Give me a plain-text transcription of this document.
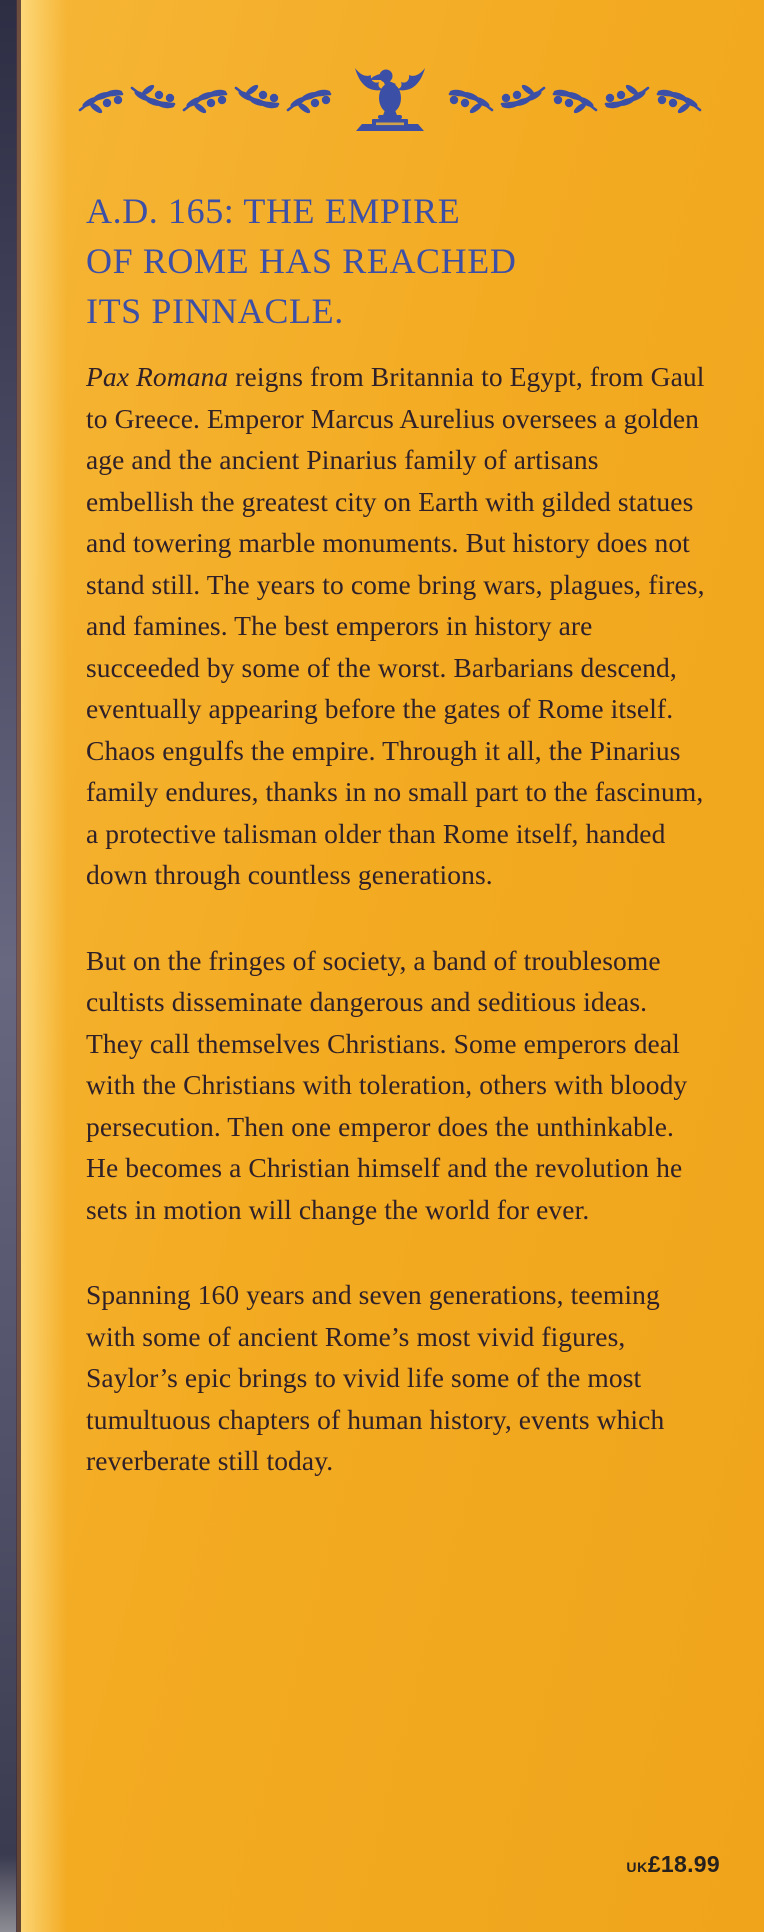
A.D. 165: THE EMPIRE
OF ROME HAS REACHED
ITS PINNACLE.

Pax Romana reigns from Britannia to Egypt, from Gaul to Greece. Emperor Marcus Aurelius oversees a golden age and the ancient Pinarius family of artisans embellish the greatest city on Earth with gilded statues and towering marble monuments. But history does not stand still. The years to come bring wars, plagues, fires, and famines. The best emperors in history are succeeded by some of the worst. Barbarians descend, eventually appearing before the gates of Rome itself. Chaos engulfs the empire. Through it all, the Pinarius family endures, thanks in no small part to the fascinum, a protective talisman older than Rome itself, handed down through countless generations.

But on the fringes of society, a band of troublesome cultists disseminate dangerous and seditious ideas. They call themselves Christians. Some emperors deal with the Christians with toleration, others with bloody persecution. Then one emperor does the unthinkable. He becomes a Christian himself and the revolution he sets in motion will change the world for ever.

Spanning 160 years and seven generations, teeming with some of ancient Rome’s most vivid figures, Saylor’s epic brings to vivid life some of the most tumultuous chapters of human history, events which reverberate still today.

UK£18.99
